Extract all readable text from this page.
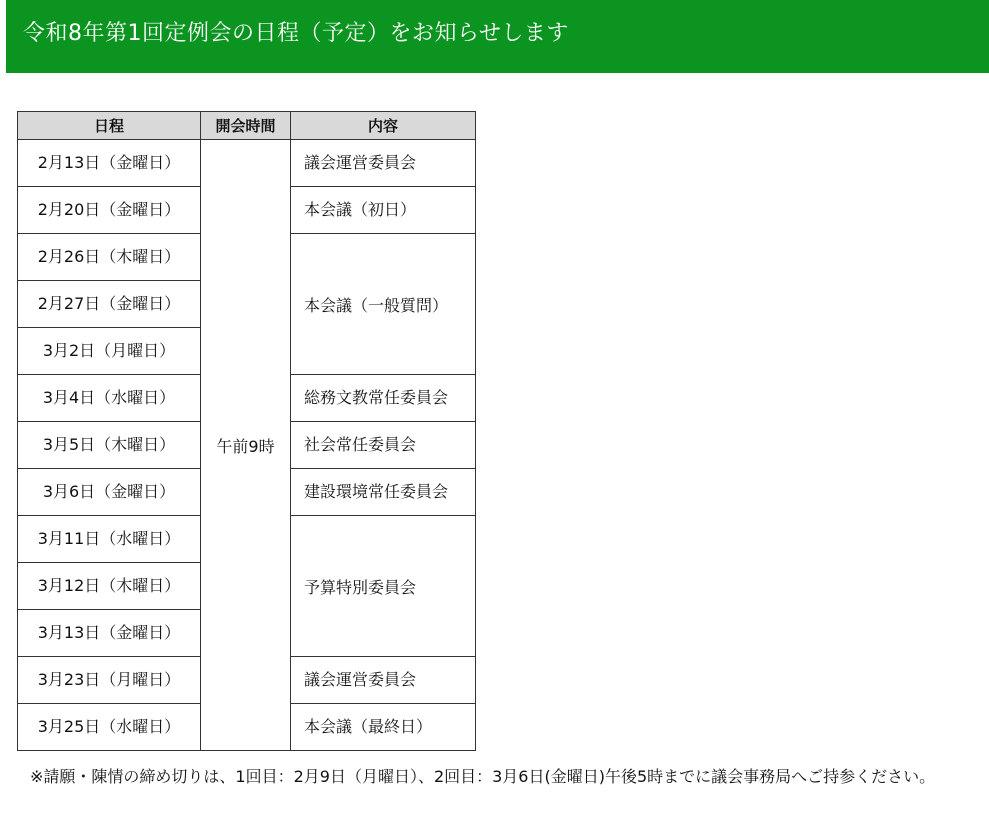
令和8年第1回定例会の日程（予定）をお知らせします
日程	開会時間	内容

2月13日（金曜日）	午前9時	議会運営委員会

2月20日（金曜日）		本会議（初日）

2月26日（木曜日）		本会議（一般質問）

2月27日（金曜日）		

3月2日（月曜日）		

3月4日（水曜日）		総務文教常任委員会

3月5日（木曜日）		社会常任委員会

3月6日（金曜日）		建設環境常任委員会

3月11日（水曜日）		予算特別委員会

3月12日（木曜日）		

3月13日（金曜日）		

3月23日（月曜日）		議会運営委員会

3月25日（水曜日）		本会議（最終日）

※請願・陳情の締め切りは、1回目：2月9日（月曜日）、2回目：3月6日(金曜日)午後5時までに議会事務局へご持参ください。
